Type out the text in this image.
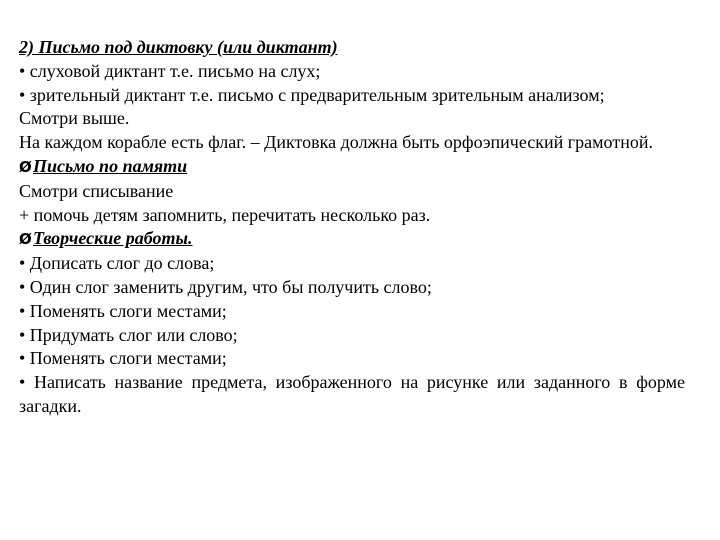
2) Письмо под диктовку (или диктант)
• слуховой диктант т.е. письмо на слух;
• зрительный диктант т.е. письмо с предварительным зрительным анализом;
Смотри выше.
На каждом корабле есть флаг. – Диктовка должна быть орфоэпический грамотной.
ØПисьмо по памяти
Смотри списывание
+ помочь детям запомнить, перечитать несколько раз.
ØТворческие работы.
• Дописать слог до слова;
• Один слог заменить другим, что бы получить слово;
• Поменять слоги местами;
• Придумать слог или слово;
• Поменять слоги местами;
• Написать название предмета, изображенного на рисунке или заданного в форме загадки.
